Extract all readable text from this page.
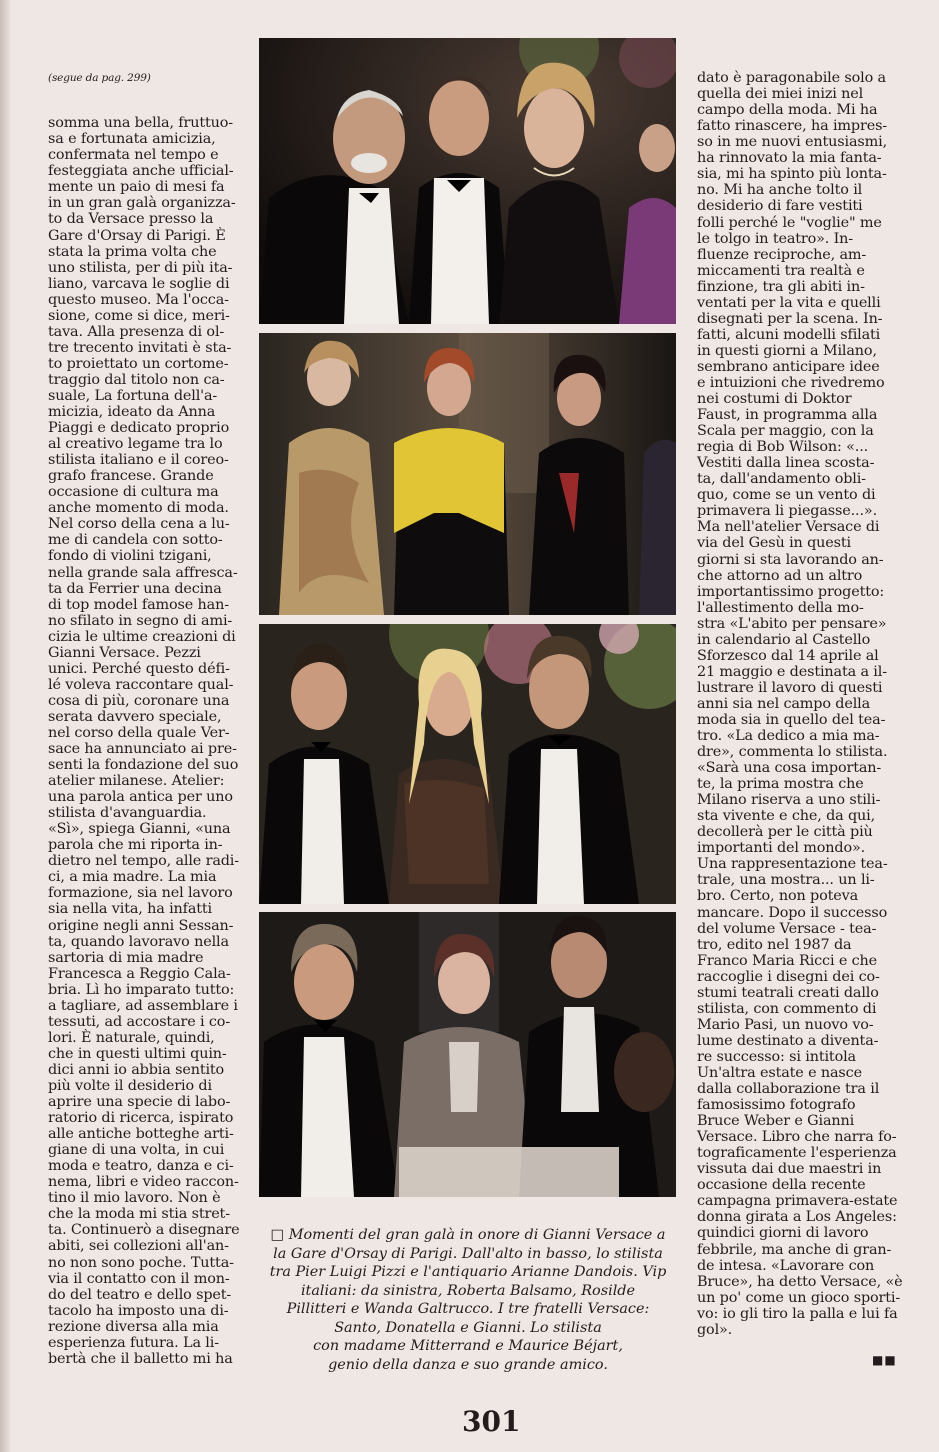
(segue da pag. 299)

somma una bella, fruttuo-
sa e fortunata amicizia,
confermata nel tempo e
festeggiata anche ufficial-
mente un paio di mesi fa
in un gran galà organizza-
to da Versace presso la
Gare d'Orsay di Parigi. È
stata la prima volta che
uno stilista, per di più ita-
liano, varcava le soglie di
questo museo. Ma l'occa-
sione, come si dice, meri-
tava. Alla presenza di ol-
tre trecento invitati è sta-
to proiettato un cortome-
traggio dal titolo non ca-
suale, La fortuna dell'a-
micizia, ideato da Anna
Piaggi e dedicato proprio
al creativo legame tra lo
stilista italiano e il coreo-
grafo francese. Grande
occasione di cultura ma
anche momento di moda.
Nel corso della cena a lu-
me di candela con sotto-
fondo di violini tzigani,
nella grande sala affresca-
ta da Ferrier una decina
di top model famose han-
no sfilato in segno di ami-
cizia le ultime creazioni di
Gianni Versace. Pezzi
unici. Perché questo défi-
lé voleva raccontare qual-
cosa di più, coronare una
serata davvero speciale,
nel corso della quale Ver-
sace ha annunciato ai pre-
senti la fondazione del suo
atelier milanese. Atelier:
una parola antica per uno
stilista d'avanguardia.
«Sì», spiega Gianni, «una
parola che mi riporta in-
dietro nel tempo, alle radi-
ci, a mia madre. La mia
formazione, sia nel lavoro
sia nella vita, ha infatti
origine negli anni Sessan-
ta, quando lavoravo nella
sartoria di mia madre
Francesca a Reggio Cala-
bria. Lì ho imparato tutto:
a tagliare, ad assemblare i
tessuti, ad accostare i co-
lori. È naturale, quindi,
che in questi ultimi quin-
dici anni io abbia sentito
più volte il desiderio di
aprire una specie di labo-
ratorio di ricerca, ispirato
alle antiche botteghe arti-
giane di una volta, in cui
moda e teatro, danza e ci-
nema, libri e video raccon-
tino il mio lavoro. Non è
che la moda mi stia stret-
ta. Continuerò a disegnare
abiti, sei collezioni all'an-
no non sono poche. Tutta-
via il contatto con il mon-
do del teatro e dello spet-
tacolo ha imposto una di-
rezione diversa alla mia
esperienza futura. La li-
bertà che il balletto mi ha

dato è paragonabile solo a
quella dei miei inizi nel
campo della moda. Mi ha
fatto rinascere, ha impres-
so in me nuovi entusiasmi,
ha rinnovato la mia fanta-
sia, mi ha spinto più lonta-
no. Mi ha anche tolto il
desiderio di fare vestiti
folli perché le "voglie" me
le tolgo in teatro». In-
fluenze reciproche, am-
miccamenti tra realtà e
finzione, tra gli abiti in-
ventati per la vita e quelli
disegnati per la scena. In-
fatti, alcuni modelli sfilati
in questi giorni a Milano,
sembrano anticipare idee
e intuizioni che rivedremo
nei costumi di Doktor
Faust, in programma alla
Scala per maggio, con la
regia di Bob Wilson: «...
Vestiti dalla linea scosta-
ta, dall'andamento obli-
quo, come se un vento di
primavera li piegasse...».
Ma nell'atelier Versace di
via del Gesù in questi
giorni si sta lavorando an-
che attorno ad un altro
importantissimo progetto:
l'allestimento della mo-
stra «L'abito per pensare»
in calendario al Castello
Sforzesco dal 14 aprile al
21 maggio e destinata a il-
lustrare il lavoro di questi
anni sia nel campo della
moda sia in quello del tea-
tro. «La dedico a mia ma-
dre», commenta lo stilista.
«Sarà una cosa importan-
te, la prima mostra che
Milano riserva a uno stili-
sta vivente e che, da qui,
decollerà per le città più
importanti del mondo».
Una rappresentazione tea-
trale, una mostra... un li-
bro. Certo, non poteva
mancare. Dopo il successo
del volume Versace - tea-
tro, edito nel 1987 da
Franco Maria Ricci e che
raccoglie i disegni dei co-
stumi teatrali creati dallo
stilista, con commento di
Mario Pasi, un nuovo vo-
lume destinato a diventa-
re successo: si intitola
Un'altra estate e nasce
dalla collaborazione tra il
famosissimo fotografo
Bruce Weber e Gianni
Versace. Libro che narra fo-
tograficamente l'esperienza
vissuta dai due maestri in
occasione della recente
campagna primavera-estate
donna girata a Los Angeles:
quindici giorni di lavoro
febbrile, ma anche di gran-
de intesa. «Lavorare con
Bruce», ha detto Versace, «è
un po' come un gioco sporti-
vo: io gli tiro la palla e lui fa
gol».

■■
□ Momenti del gran galà in onore di Gianni Versace a
la Gare d'Orsay di Parigi. Dall'alto in basso, lo stilista
tra Pier Luigi Pizzi e l'antiquario Arianne Dandois. Vip
italiani: da sinistra, Roberta Balsamo, Rosilde
Pillitteri e Wanda Galtrucco. I tre fratelli Versace:
Santo, Donatella e Gianni. Lo stilista
con madame Mitterrand e Maurice Béjart,
genio della danza e suo grande amico.
301
